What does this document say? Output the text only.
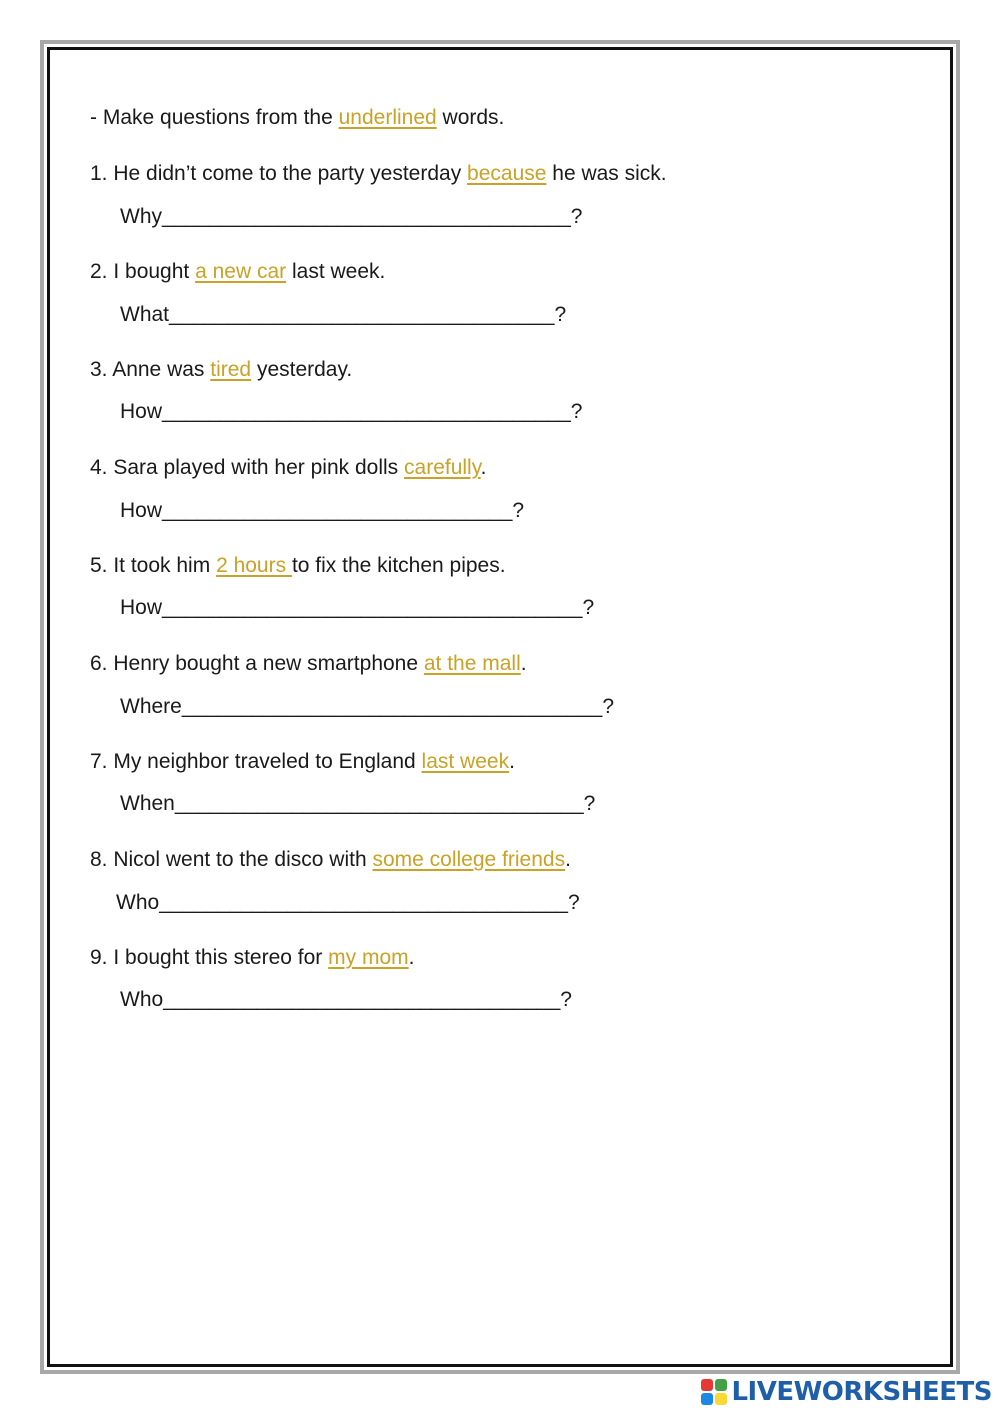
- Make questions from the underlined words.
1. He didn’t come to the party yesterday because he was sick.
Why___________________________________?
2. I bought a new car last week.
What_________________________________?
3. Anne was tired yesterday.
How___________________________________?
4. Sara played with her pink dolls carefully.
How______________________________?
5. It took him 2 hours to fix the kitchen pipes.
How____________________________________?
6. Henry bought a new smartphone at the mall.
Where____________________________________?
7. My neighbor traveled to England last week.
When___________________________________?
8. Nicol went to the disco with some college friends.
Who___________________________________?
9. I bought this stereo for my mom.
Who__________________________________?
LIVEWORKSHEETS
